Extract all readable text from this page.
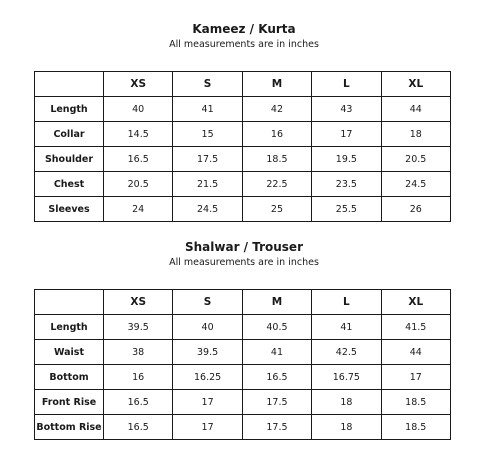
Kameez / Kurta

All measurements are in inches

	XS	S	M	L	XL
Length	40	41	42	43	44
Collar	14.5	15	16	17	18
Shoulder	16.5	17.5	18.5	19.5	20.5
Chest	20.5	21.5	22.5	23.5	24.5
Sleeves	24	24.5	25	25.5	26
Shalwar / Trouser

All measurements are in inches

	XS	S	M	L	XL
Length	39.5	40	40.5	41	41.5
Waist	38	39.5	41	42.5	44
Bottom	16	16.25	16.5	16.75	17
Front Rise	16.5	17	17.5	18	18.5
Bottom Rise	16.5	17	17.5	18	18.5
